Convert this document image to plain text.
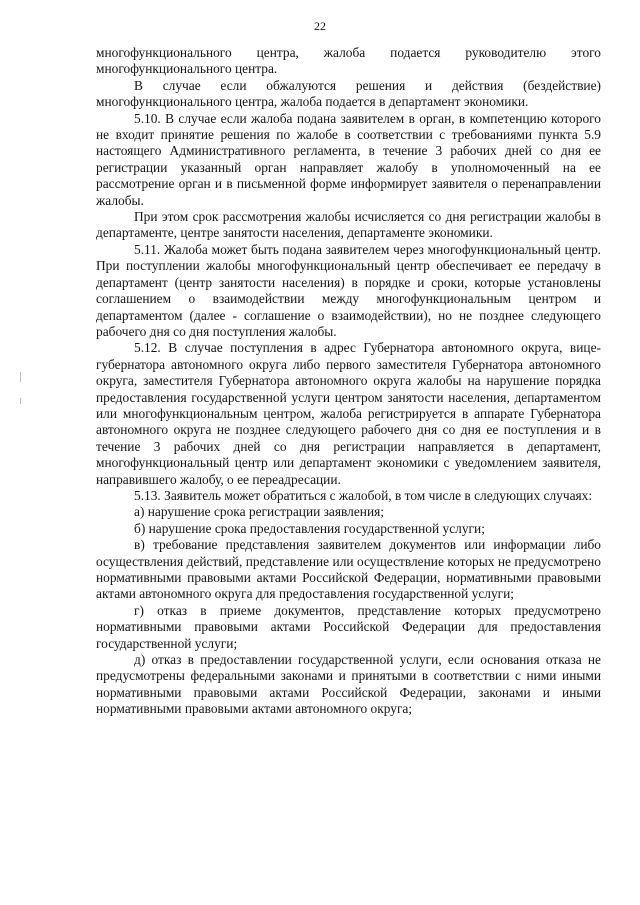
22

многофункционального центра, жалоба подается руководителю этого многофункционального центра.

В случае если обжалуются решения и действия (бездействие) многофункционального центра, жалоба подается в департамент экономики.

5.10. В случае если жалоба подана заявителем в орган, в компетенцию которого не входит принятие решения по жалобе в соответствии с требованиями пункта 5.9 настоящего Административного регламента, в течение 3 рабочих дней со дня ее регистрации указанный орган направляет жалобу в уполномоченный на ее рассмотрение орган и в письменной форме информирует заявителя о перенаправлении жалобы.

При этом срок рассмотрения жалобы исчисляется со дня регистрации жалобы в департаменте, центре занятости населения, департаменте экономики.

5.11. Жалоба может быть подана заявителем через многофункциональный центр. При поступлении жалобы многофункциональный центр обеспечивает ее передачу в департамент (центр занятости населения) в порядке и сроки, которые установлены соглашением о взаимодействии между многофункциональным центром и департаментом (далее - соглашение о взаимодействии), но не позднее следующего рабочего дня со дня поступления жалобы.

5.12. В случае поступления в адрес Губернатора автономного округа, вице-губернатора автономного округа либо первого заместителя Губернатора автономного округа, заместителя Губернатора автономного округа жалобы на нарушение порядка предоставления государственной услуги центром занятости населения, департаментом или многофункциональным центром, жалоба регистрируется в аппарате Губернатора автономного округа не позднее следующего рабочего дня со дня ее поступления и в течение 3 рабочих дней со дня регистрации направляется в департамент, многофункциональный центр или департамент экономики с уведомлением заявителя, направившего жалобу, о ее переадресации.

5.13. Заявитель может обратиться с жалобой, в том числе в следующих случаях:

а) нарушение срока регистрации заявления;

б) нарушение срока предоставления государственной услуги;

в) требование представления заявителем документов или информации либо осуществления действий, представление или осуществление которых не предусмотрено нормативными правовыми актами Российской Федерации, нормативными правовыми актами автономного округа для предоставления государственной услуги;

г) отказ в приеме документов, представление которых предусмотрено нормативными правовыми актами Российской Федерации для предоставления государственной услуги;

д) отказ в предоставлении государственной услуги, если основания отказа не предусмотрены федеральными законами и принятыми в соответствии с ними иными нормативными правовыми актами Российской Федерации, законами и иными нормативными правовыми актами автономного округа;
